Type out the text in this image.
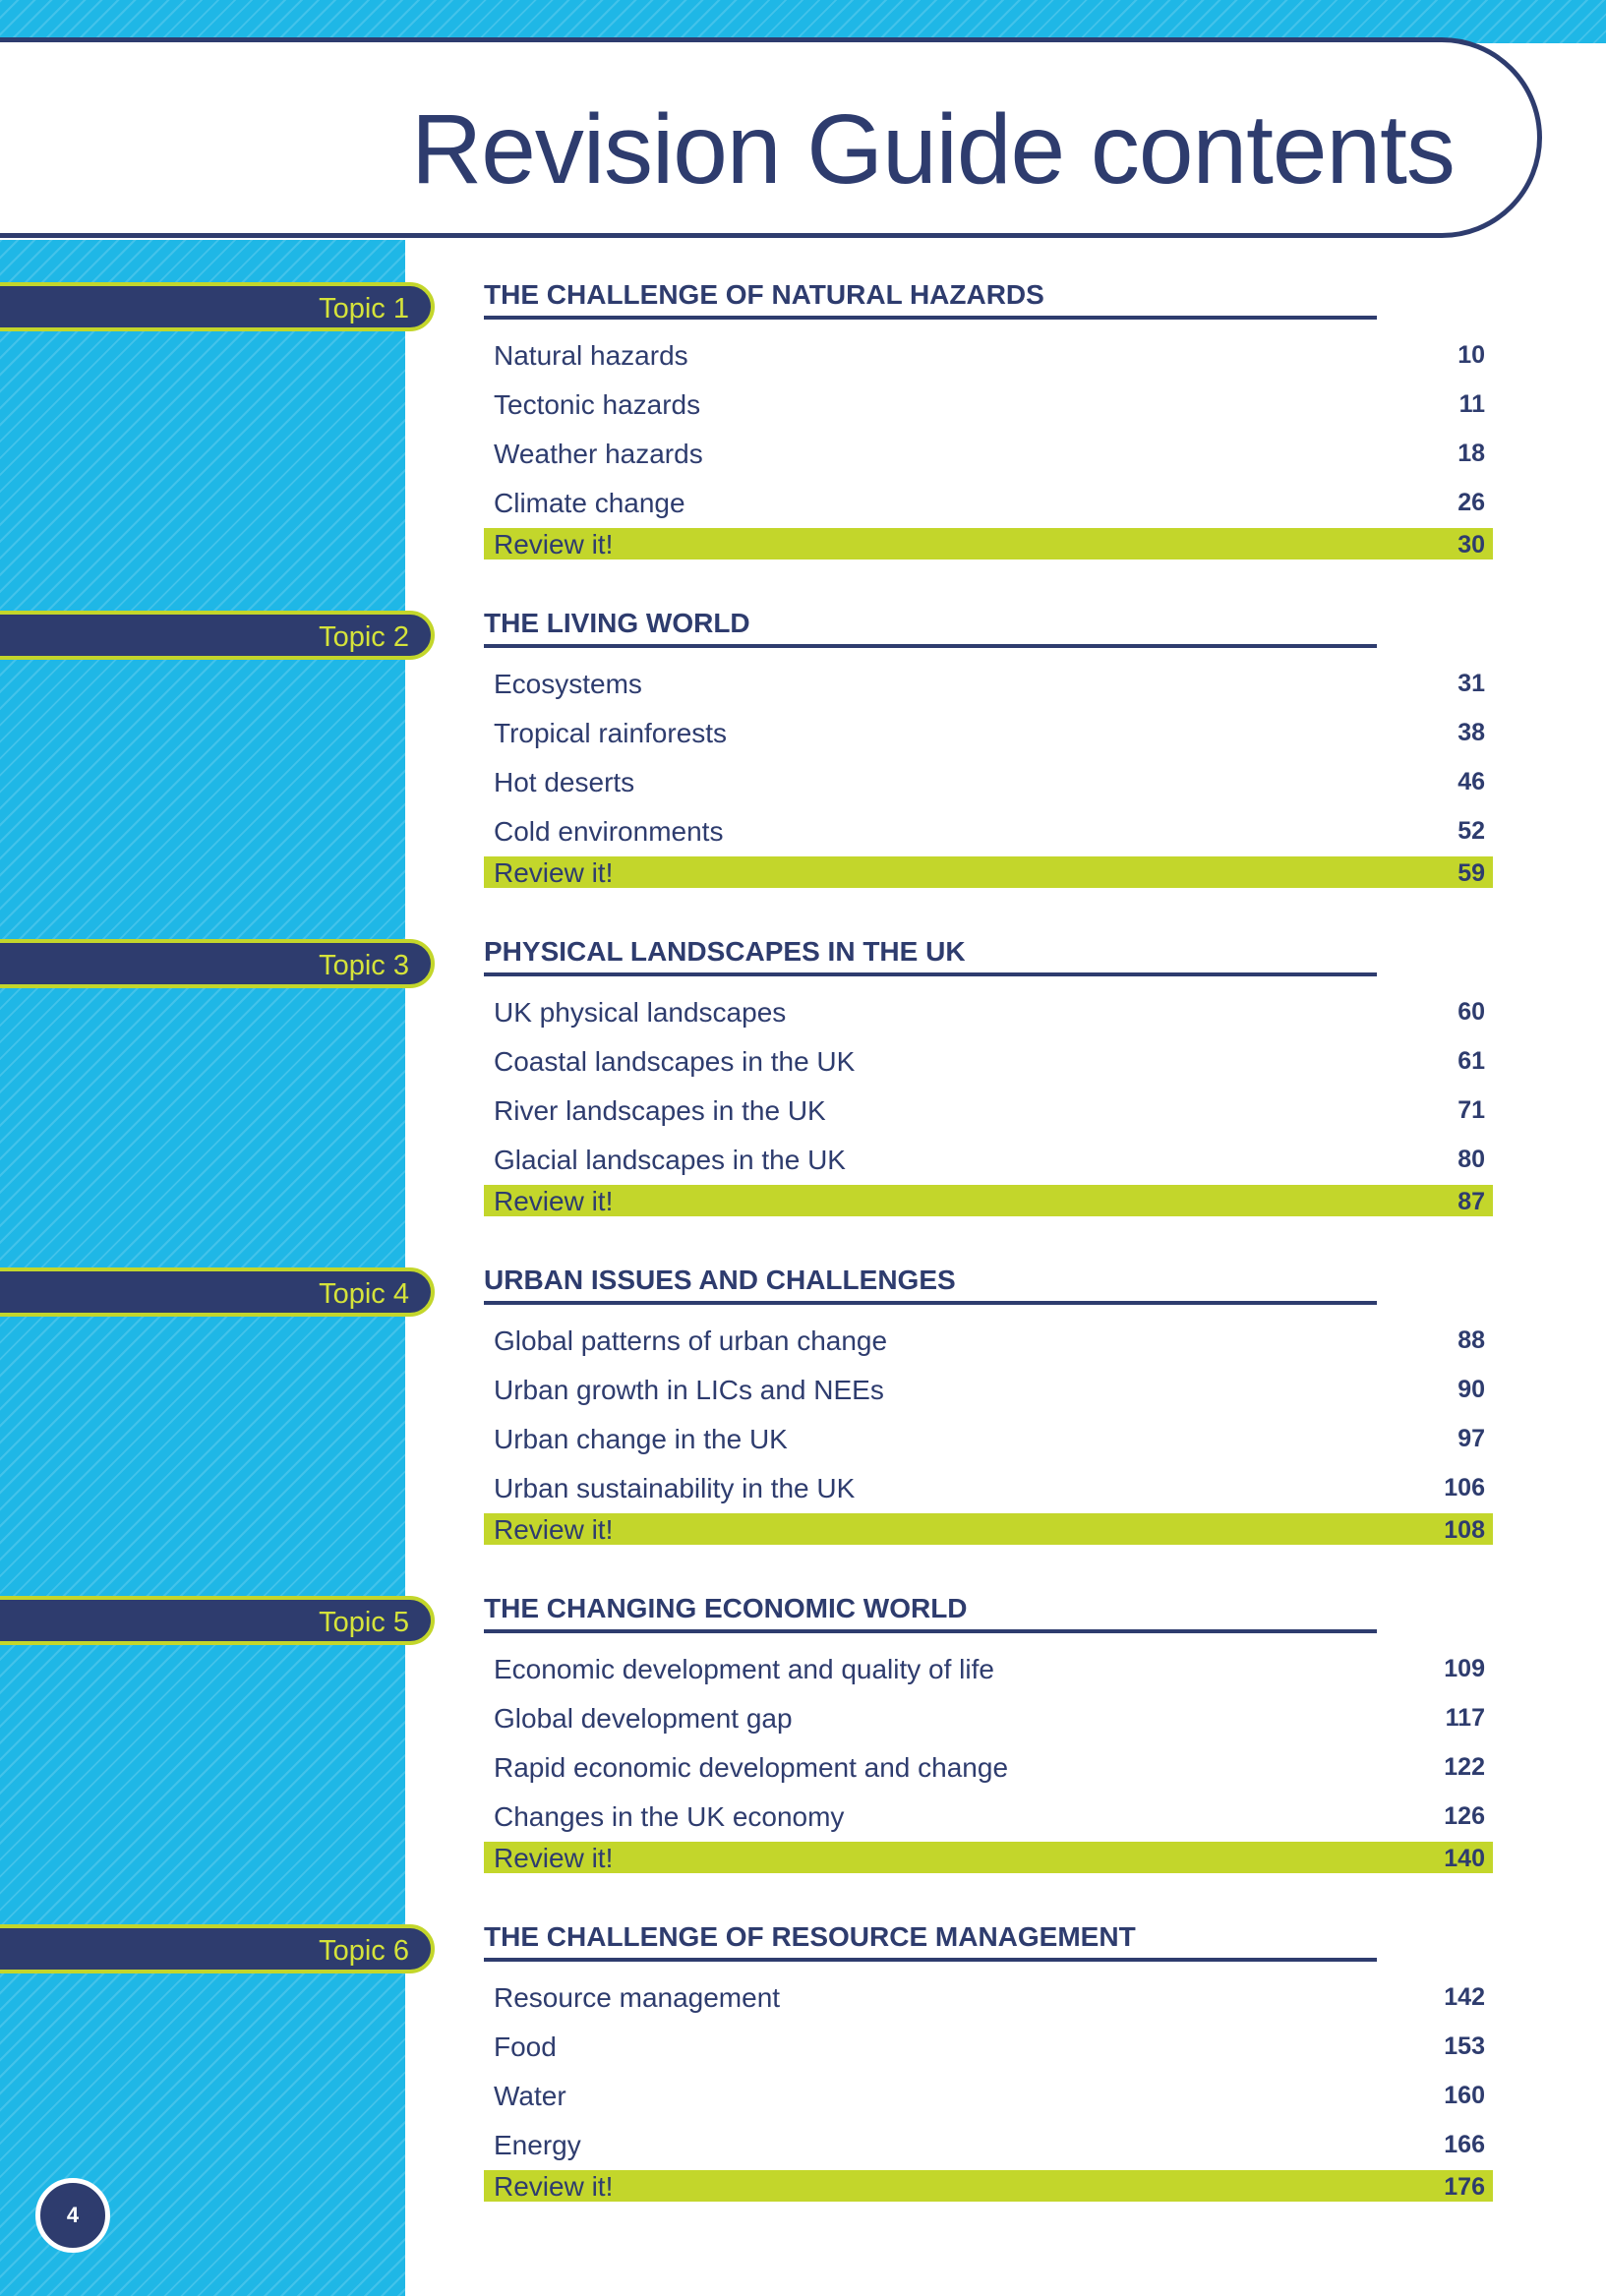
Revision Guide contents
Topic 1	THE CHALLENGE OF NATURAL HAZARDS
Natural hazards	10
Tectonic hazards	11
Weather hazards	18
Climate change	26
Review it!	30
Topic 2	THE LIVING WORLD
Ecosystems	31
Tropical rainforests	38
Hot deserts	46
Cold environments	52
Review it!	59
Topic 3	PHYSICAL LANDSCAPES IN THE UK
UK physical landscapes	60
Coastal landscapes in the UK	61
River landscapes in the UK	71
Glacial landscapes in the UK	80
Review it!	87
Topic 4	URBAN ISSUES AND CHALLENGES
Global patterns of urban change	88
Urban growth in LICs and NEEs	90
Urban change in the UK	97
Urban sustainability in the UK	106
Review it!	108
Topic 5	THE CHANGING ECONOMIC WORLD
Economic development and quality of life	109
Global development gap	117
Rapid economic development and change	122
Changes in the UK economy	126
Review it!	140
Topic 6	THE CHALLENGE OF RESOURCE MANAGEMENT
Resource management	142
Food	153
Water	160
Energy	166
Review it!	176
4
